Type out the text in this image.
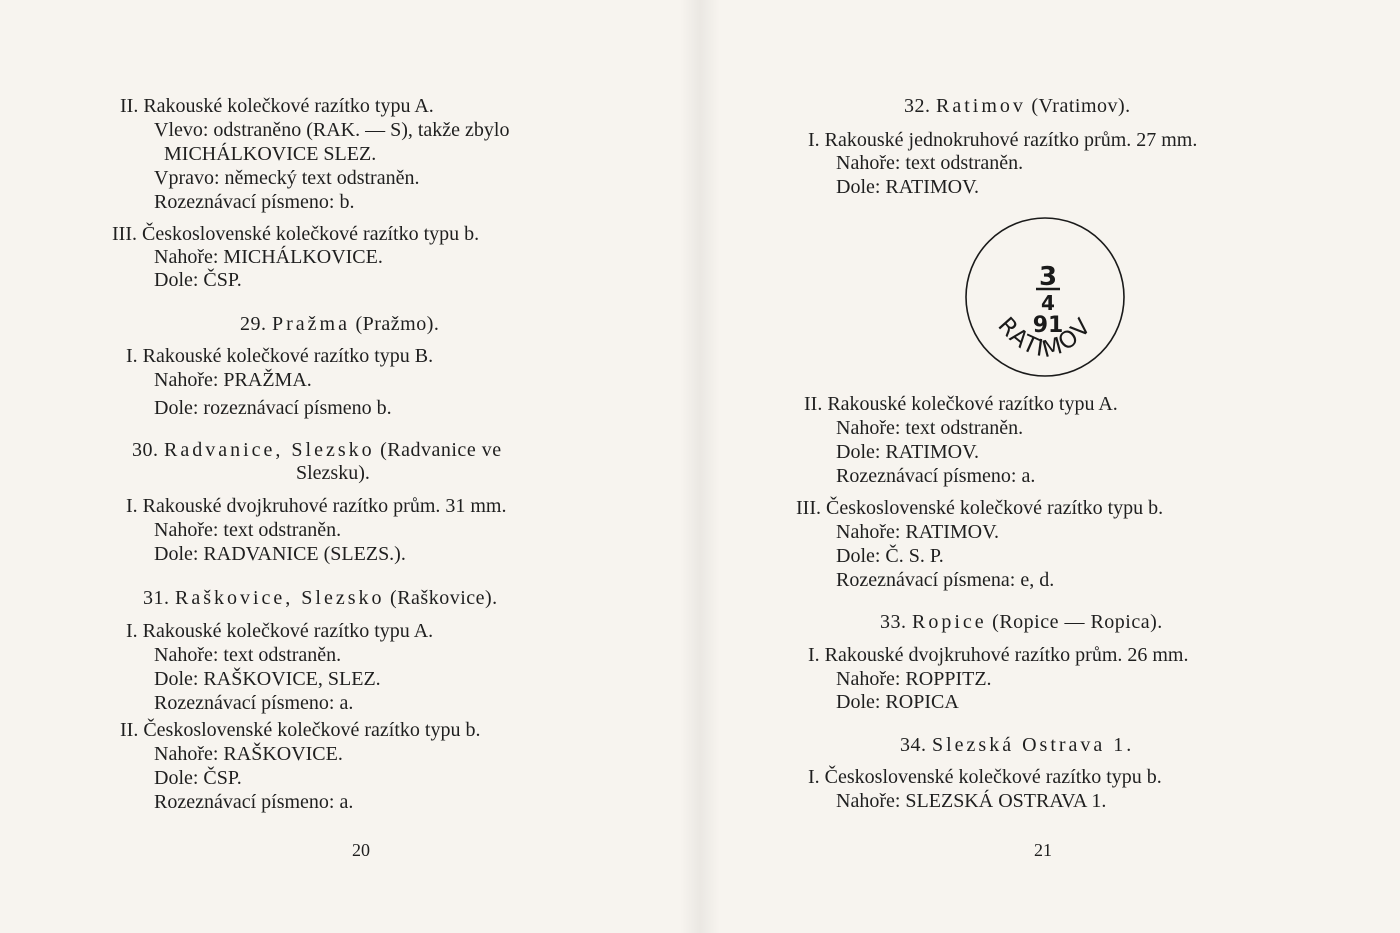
II. Rakouské kolečkové razítko typu A.
Vlevo: odstraněno (RAK. — S), takže zbylo
MICHÁLKOVICE SLEZ.
Vpravo: německý text odstraněn.
Rozeznávací písmeno: b.
III. Československé kolečkové razítko typu b.
Nahoře: MICHÁLKOVICE.
Dole: ČSP.
29. Pražma (Pražmo).
I. Rakouské kolečkové razítko typu B.
Nahoře: PRAŽMA.
Dole: rozeznávací písmeno b.
30. Radvanice, Slezsko (Radvanice ve
Slezsku).
I. Rakouské dvojkruhové razítko prům. 31 mm.
Nahoře: text odstraněn.
Dole: RADVANICE (SLEZS.).
31. Raškovice, Slezsko (Raškovice).
I. Rakouské kolečkové razítko typu A.
Nahoře: text odstraněn.
Dole: RAŠKOVICE, SLEZ.
Rozeznávací písmeno: a.
II. Československé kolečkové razítko typu b.
Nahoře: RAŠKOVICE.
Dole: ČSP.
Rozeznávací písmeno: a.
20
32. Ratimov (Vratimov).
I. Rakouské jednokruhové razítko prům. 27 mm.
Nahoře: text odstraněn.
Dole: RATIMOV.
3
4
91
RATIMOV
II. Rakouské kolečkové razítko typu A.
Nahoře: text odstraněn.
Dole: RATIMOV.
Rozeznávací písmeno: a.
III. Československé kolečkové razítko typu b.
Nahoře: RATIMOV.
Dole: Č. S. P.
Rozeznávací písmena: e, d.
33. Ropice (Ropice — Ropica).
I. Rakouské dvojkruhové razítko prům. 26 mm.
Nahoře: ROPPITZ.
Dole: ROPICA
34. Slezská Ostrava 1.
I. Československé kolečkové razítko typu b.
Nahoře: SLEZSKÁ OSTRAVA 1.
21
